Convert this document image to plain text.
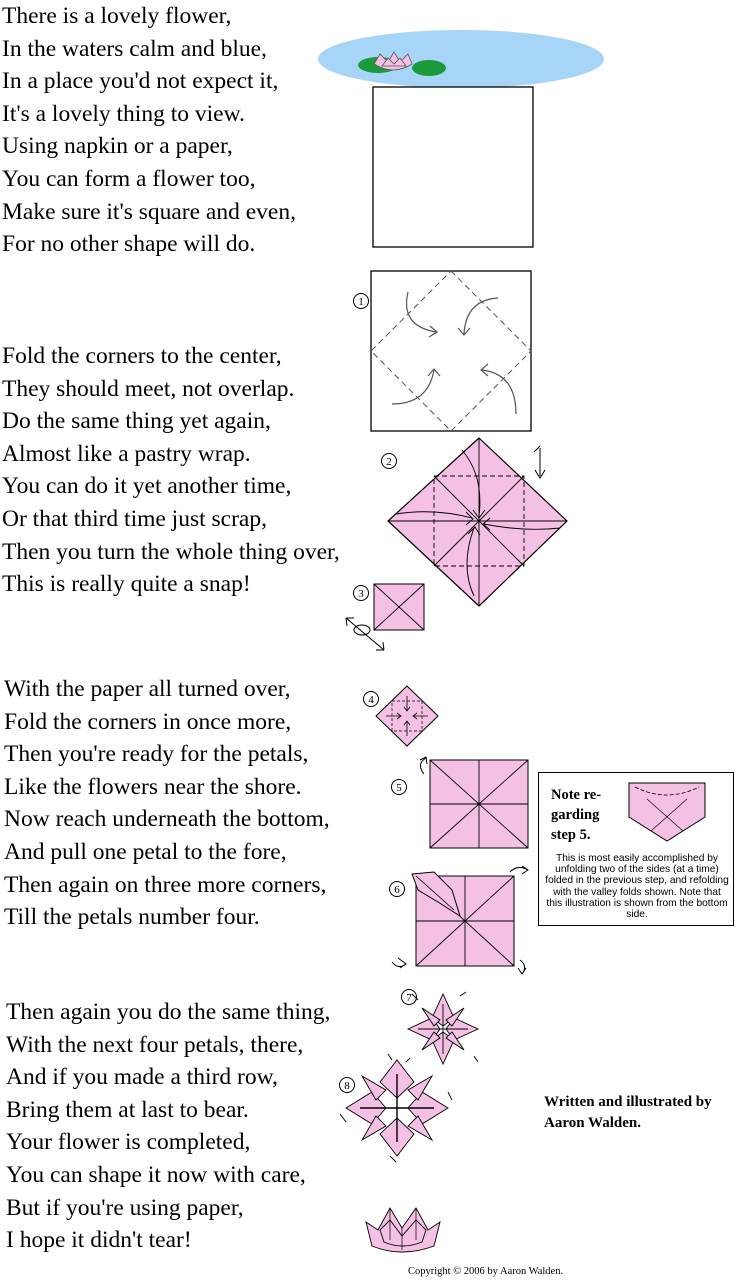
There is a lovely flower,
In the waters calm and blue,
In a place you'd not expect it,
It's a lovely thing to view.
Using napkin or a paper,
You can form a flower too,
Make sure it's square and even,
For no other shape will do.
Fold the corners to the center,
They should meet, not overlap.
Do the same thing yet again,
Almost like a pastry wrap.
You can do it yet another time,
Or that third time just scrap,
Then you turn the whole thing over,
This is really quite a snap!
With the paper all turned over,
Fold the corners in once more,
Then you're ready for the petals,
Like the flowers near the shore.
Now reach underneath the bottom,
And pull one petal to the fore,
Then again on three more corners,
Till the petals number four.
Then again you do the same thing,
With the next four petals, there,
And if you made a third row,
Bring them at last to bear.
Your flower is completed,
You can shape it now with care,
But if you're using paper,
I hope it didn't tear!
1
2
3
4
5
6
Note re-garding step 5.
This is most easily accomplished by unfolding two of the sides (at a time) folded in the previous step, and refolding with the valley folds shown. Note that this illustration is shown from the bottom side.
7
8
Written and illustrated by Aaron Walden.
Copyright © 2006 by Aaron Walden.
